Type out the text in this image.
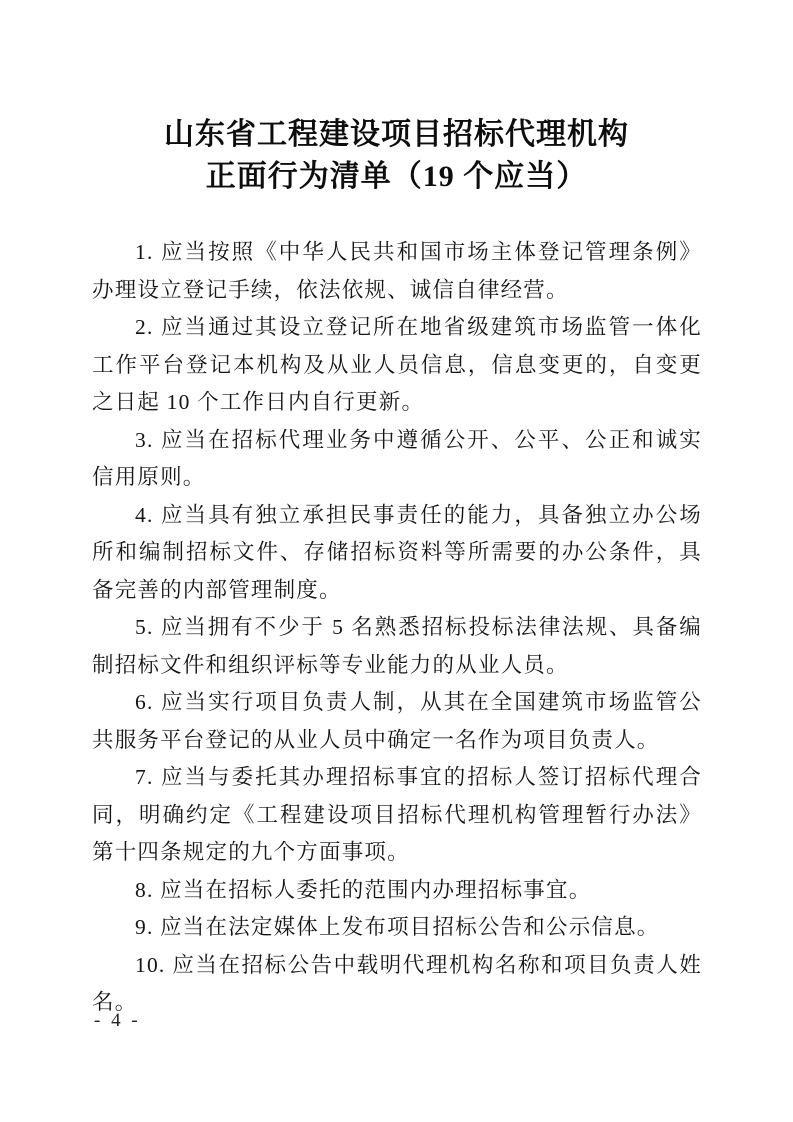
山东省工程建设项目招标代理机构
正面行为清单（19 个应当）

1. 应当按照《中华人民共和国市场主体登记管理条例》办理设立登记手续，依法依规、诚信自律经营。

2. 应当通过其设立登记所在地省级建筑市场监管一体化工作平台登记本机构及从业人员信息，信息变更的，自变更之日起 10 个工作日内自行更新。

3. 应当在招标代理业务中遵循公开、公平、公正和诚实信用原则。

4. 应当具有独立承担民事责任的能力，具备独立办公场所和编制招标文件、存储招标资料等所需要的办公条件，具备完善的内部管理制度。

5. 应当拥有不少于 5 名熟悉招标投标法律法规、具备编制招标文件和组织评标等专业能力的从业人员。

6. 应当实行项目负责人制，从其在全国建筑市场监管公共服务平台登记的从业人员中确定一名作为项目负责人。

7. 应当与委托其办理招标事宜的招标人签订招标代理合同，明确约定《工程建设项目招标代理机构管理暂行办法》第十四条规定的九个方面事项。

8. 应当在招标人委托的范围内办理招标事宜。

9. 应当在法定媒体上发布项目招标公告和公示信息。

10. 应当在招标公告中载明代理机构名称和项目负责人姓名。

- 4 -
